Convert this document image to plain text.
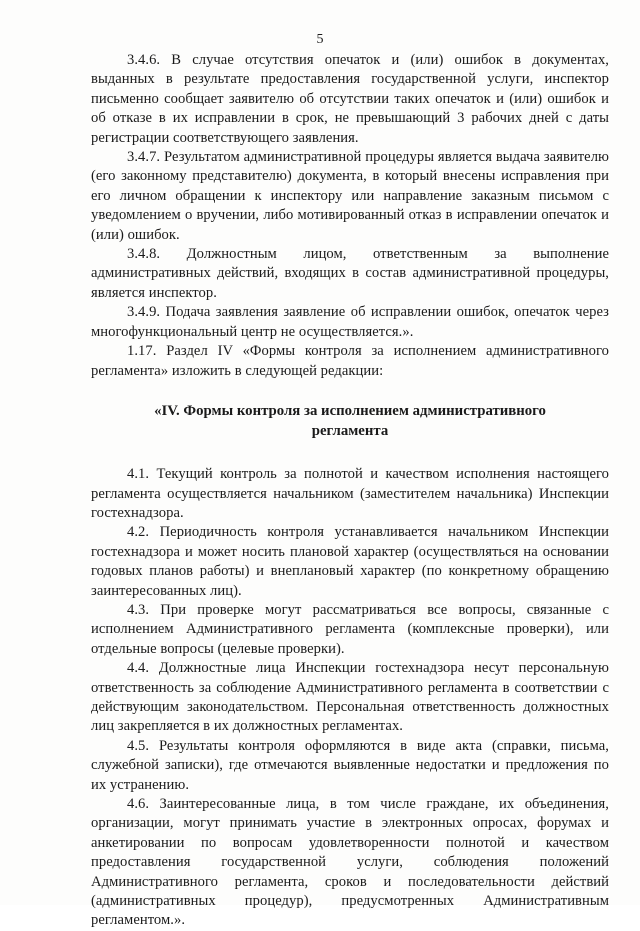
5

3.4.6. В случае отсутствия опечаток и (или) ошибок в документах, выданных в результате предоставления государственной услуги, инспектор письменно сообщает заявителю об отсутствии таких опечаток и (или) ошибок и об отказе в их исправлении в срок, не превышающий 3 рабочих дней с даты регистрации соответствующего заявления.

3.4.7. Результатом административной процедуры является выдача заявителю (его законному представителю) документа, в который внесены исправления при его личном обращении к инспектору или направление заказным письмом с уведомлением о вручении, либо мотивированный отказ в исправлении опечаток и (или) ошибок.

3.4.8. Должностным лицом, ответственным за выполнение административных действий, входящих в состав административной процедуры, является инспектор.

3.4.9. Подача заявления заявление об исправлении ошибок, опечаток через многофункциональный центр не осуществляется.».

1.17. Раздел IV «Формы контроля за исполнением административного регламента» изложить в следующей редакции:

«IV. Формы контроля за исполнением административного
регламента

4.1. Текущий контроль за полнотой и качеством исполнения настоящего регламента осуществляется начальником (заместителем начальника) Инспекции гостехнадзора.

4.2. Периодичность контроля устанавливается начальником Инспекции гостехнадзора и может носить плановой характер (осуществляться на основании годовых планов работы) и внеплановый характер (по конкретному обращению заинтересованных лиц).

4.3. При проверке могут рассматриваться все вопросы, связанные с исполнением Административного регламента (комплексные проверки), или отдельные вопросы (целевые проверки).

4.4. Должностные лица Инспекции гостехнадзора несут персональную ответственность за соблюдение Административного регламента в соответствии с действующим законодательством. Персональная ответственность должностных лиц закрепляется в их должностных регламентах.

4.5. Результаты контроля оформляются в виде акта (справки, письма, служебной записки), где отмечаются выявленные недостатки и предложения по их устранению.

4.6. Заинтересованные лица, в том числе граждане, их объединения, организации, могут принимать участие в электронных опросах, форумах и анкетировании по вопросам удовлетворенности полнотой и качеством предоставления государственной услуги, соблюдения положений Административного регламента, сроков и последовательности действий (административных процедур), предусмотренных Административным регламентом.».
